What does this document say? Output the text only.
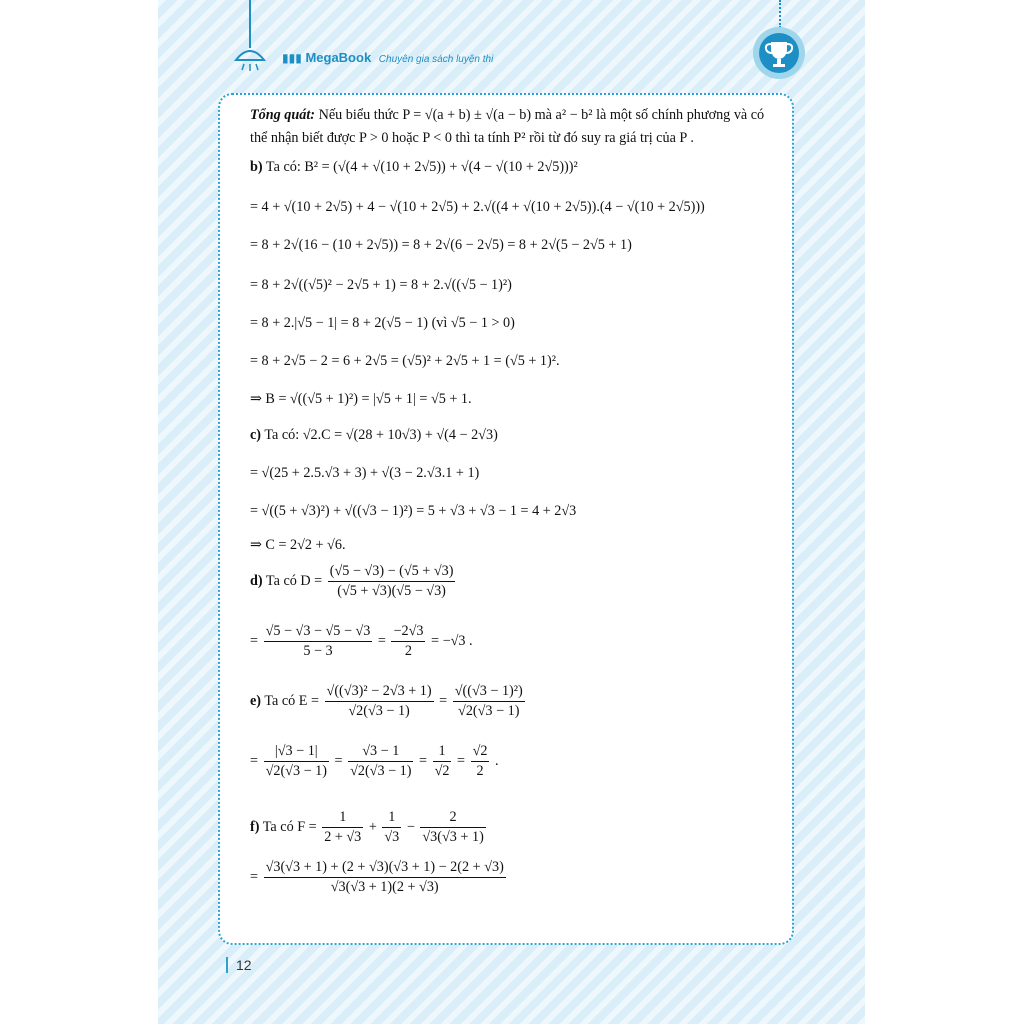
▮▮▮ MegaBook Chuyên gia sách luyện thi
Tổng quát: Nếu biểu thức P = √(a + b) ± √(a − b) mà a² − b² là một số chính phương và có
thể nhận biết được P > 0 hoặc P < 0 thì ta tính P² rồi từ đó suy ra giá trị của P .
b) Ta có: B² = (√(4 + √(10 + 2√5)) + √(4 − √(10 + 2√5)))²
= 4 + √(10 + 2√5) + 4 − √(10 + 2√5) + 2.√((4 + √(10 + 2√5)).(4 − √(10 + 2√5)))
= 8 + 2√(16 − (10 + 2√5)) = 8 + 2√(6 − 2√5) = 8 + 2√(5 − 2√5 + 1)
= 8 + 2√((√5)² − 2√5 + 1) = 8 + 2.√((√5 − 1)²)
= 8 + 2.|√5 − 1| = 8 + 2(√5 − 1) (vì √5 − 1 > 0)
= 8 + 2√5 − 2 = 6 + 2√5 = (√5)² + 2√5 + 1 = (√5 + 1)².
⇒ B = √((√5 + 1)²) = |√5 + 1| = √5 + 1.
c) Ta có: √2.C = √(28 + 10√3) + √(4 − 2√3)
= √(25 + 2.5.√3 + 3) + √(3 − 2.√3.1 + 1)
= √((5 + √3)²) + √((√3 − 1)²) = 5 + √3 + √3 − 1 = 4 + 2√3
⇒ C = 2√2 + √6.
d) Ta có $D = \frac{(√5 - √3) - (√5 + √3)}{(√5 + √3)(√5 - √3)}$
= $\frac{√5 - √3 - √5 - √3}{5 - 3} = \frac{-2√3}{2} = -√3$ .
e) Ta có $E = \frac{\text{√((√3)² − 2√3 + 1)}}{√2(√3 - 1)} = \frac{\text{√((√3 − 1)²)}}{√2(√3 - 1)}$
= $\frac{|√3 - 1|}{√2(√3 - 1)} = \frac{√3 - 1}{√2(√3 - 1)} = \frac{1}{√2} = \frac{√2}{2}$ .
f) Ta có $F = \frac{1}{2 + √3} + \frac{1}{√3} - \frac{2}{√3(√3 + 1)}$
= $\frac{√3(√3 + 1) + (2 + √3)(√3 + 1) - 2(2 + √3)}{√3(√3 + 1)(2 + √3)}$
12
